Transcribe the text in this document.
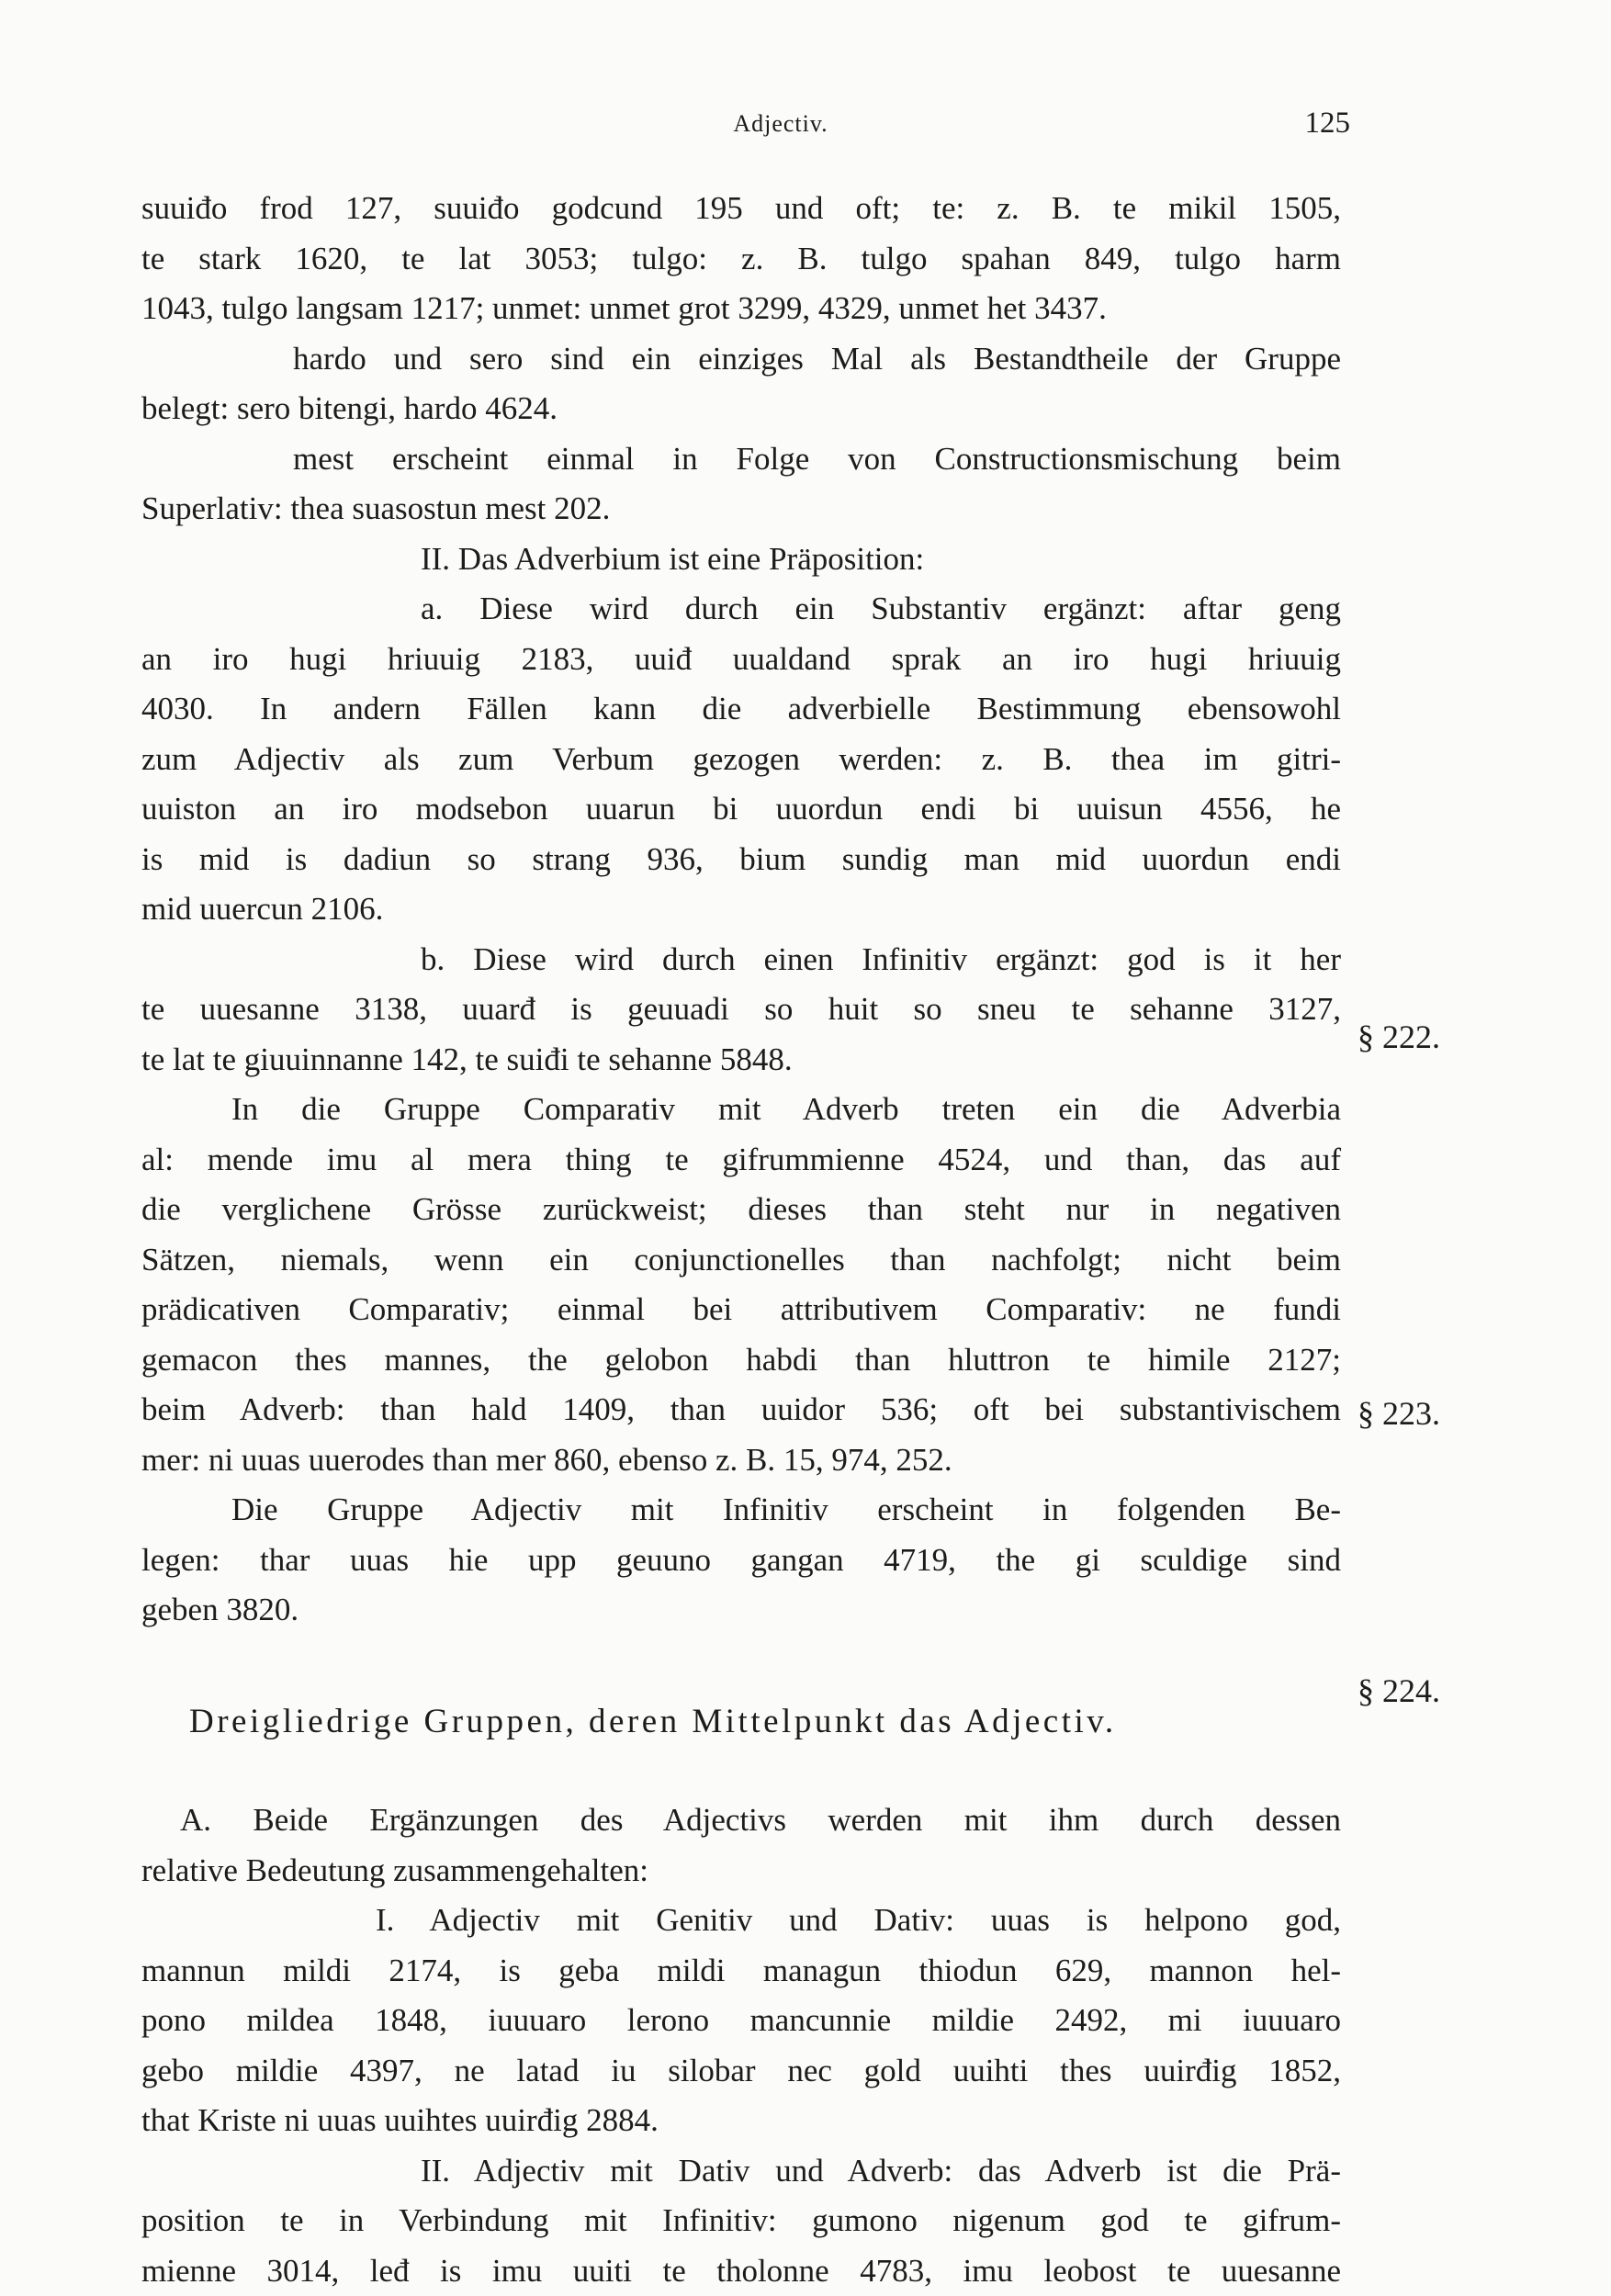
Adjectiv.	125
suuiđo frod 127, suuiđo godcund 195 und oft; te: z. B. te mikil 1505,
te stark 1620, te lat 3053; tulgo: z. B. tulgo spahan 849, tulgo harm
1043, tulgo langsam 1217; unmet: unmet grot 3299, 4329, unmet het 3437.
hardo und sero sind ein einziges Mal als Bestandtheile der Gruppe
belegt: sero bitengi, hardo 4624.
mest erscheint einmal in Folge von Constructionsmischung beim
Superlativ: thea suasostun mest 202.
II. Das Adverbium ist eine Präposition:
a. Diese wird durch ein Substantiv ergänzt: aftar geng
an iro hugi hriuuig 2183, uuiđ uualdand sprak an iro hugi hriuuig
4030. In andern Fällen kann die adverbielle Bestimmung ebensowohl
zum Adjectiv als zum Verbum gezogen werden: z. B. thea im gitri-
uuiston an iro modsebon uuarun bi uuordun endi bi uuisun 4556, he
is mid is dadiun so strang 936, bium sundig man mid uuordun endi
mid uuercun 2106.
b. Diese wird durch einen Infinitiv ergänzt: god is it her
te uuesanne 3138, uuarđ is geuuadi so huit so sneu te sehanne 3127,
te lat te giuuinnanne 142, te suiđi te sehanne 5848.
In die Gruppe Comparativ mit Adverb treten ein die Adverbia
al: mende imu al mera thing te gifrummienne 4524, und than, das auf
die verglichene Grösse zurückweist; dieses than steht nur in negativen
Sätzen, niemals, wenn ein conjunctionelles than nachfolgt; nicht beim
prädicativen Comparativ; einmal bei attributivem Comparativ: ne fundi
gemacon thes mannes, the gelobon habdi than hluttron te himile 2127;
beim Adverb: than hald 1409, than uuidor 536; oft bei substantivischem
mer: ni uuas uuerodes than mer 860, ebenso z. B. 15, 974, 252.
Die Gruppe Adjectiv mit Infinitiv erscheint in folgenden Be-
legen: thar uuas hie upp geuuno gangan 4719, the gi sculdige sind
geben 3820.
Dreigliedrige Gruppen, deren Mittelpunkt das Adjectiv.
A. Beide Ergänzungen des Adjectivs werden mit ihm durch dessen
relative Bedeutung zusammengehalten:
I. Adjectiv mit Genitiv und Dativ: uuas is helpono god,
mannun mildi 2174, is geba mildi managun thiodun 629, mannon hel-
pono mildea 1848, iuuuaro lerono mancunnie mildie 2492, mi iuuuaro
gebo mildie 4397, ne latad iu silobar nec gold uuihti thes uuirđig 1852,
that Kriste ni uuas uuihtes uuirđig 2884.
II. Adjectiv mit Dativ und Adverb: das Adverb ist die Prä-
position te in Verbindung mit Infinitiv: gumono nigenum god te gifrum-
mienne 3014, leđ is imu uuiti te tholonne 4783, imu leobost te uuesanne
§ 222.
§ 223.
§ 224.
